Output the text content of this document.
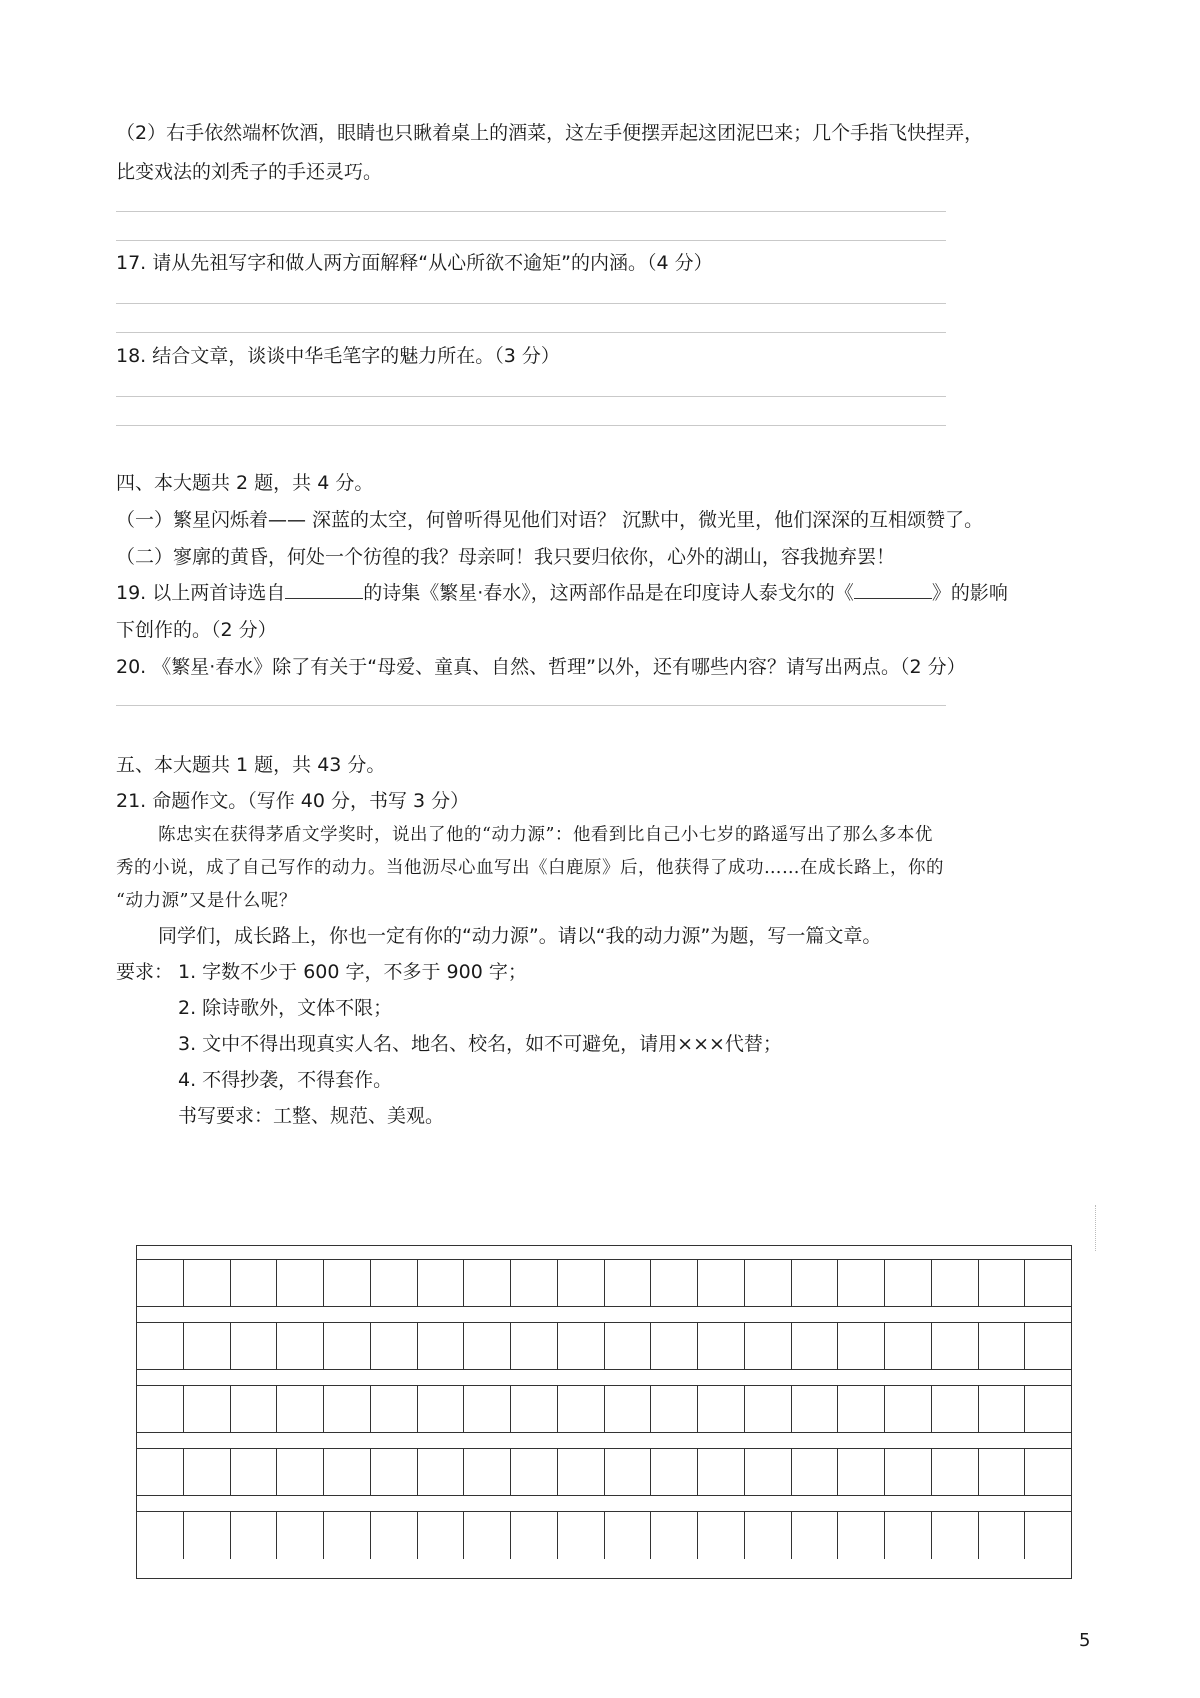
（2）右手依然端杯饮酒，眼睛也只瞅着桌上的酒菜，这左手便摆弄起这团泥巴来；几个手指飞快捏弄，
比变戏法的刘秃子的手还灵巧。
17. 请从先祖写字和做人两方面解释“从心所欲不逾矩”的内涵。（4 分）
18. 结合文章，谈谈中华毛笔字的魅力所在。（3 分）
四、本大题共 2 题，共 4 分。
（一）繁星闪烁着—— 深蓝的太空，何曾听得见他们对语？ 沉默中，微光里，他们深深的互相颂赞了。
（二）寥廓的黄昏，何处一个彷徨的我？母亲呵！我只要归依你，心外的湖山，容我抛弃罢！
19. 以上两首诗选自	的诗集《繁星·春水》，这两部作品是在印度诗人泰戈尔的《	》的影响
下创作的。（2 分）
20. 《繁星·春水》除了有关于“母爱、童真、自然、哲理”以外，还有哪些内容？请写出两点。（2 分）
五、本大题共 1 题，共 43 分。
21. 命题作文。（写作 40 分，书写 3 分）
陈忠实在获得茅盾文学奖时，说出了他的“动力源”：他看到比自己小七岁的路遥写出了那么多本优
秀的小说，成了自己写作的动力。当他沥尽心血写出《白鹿原》后，他获得了成功……在成长路上，你的
“动力源”又是什么呢？
同学们，成长路上，你也一定有你的“动力源”。请以“我的动力源”为题，写一篇文章。
要求： 1. 字数不少于 600 字，不多于 900 字；
2. 除诗歌外，文体不限；
3. 文中不得出现真实人名、地名、校名，如不可避免，请用×××代替；
4. 不得抄袭，不得套作。
书写要求：工整、规范、美观。
5
